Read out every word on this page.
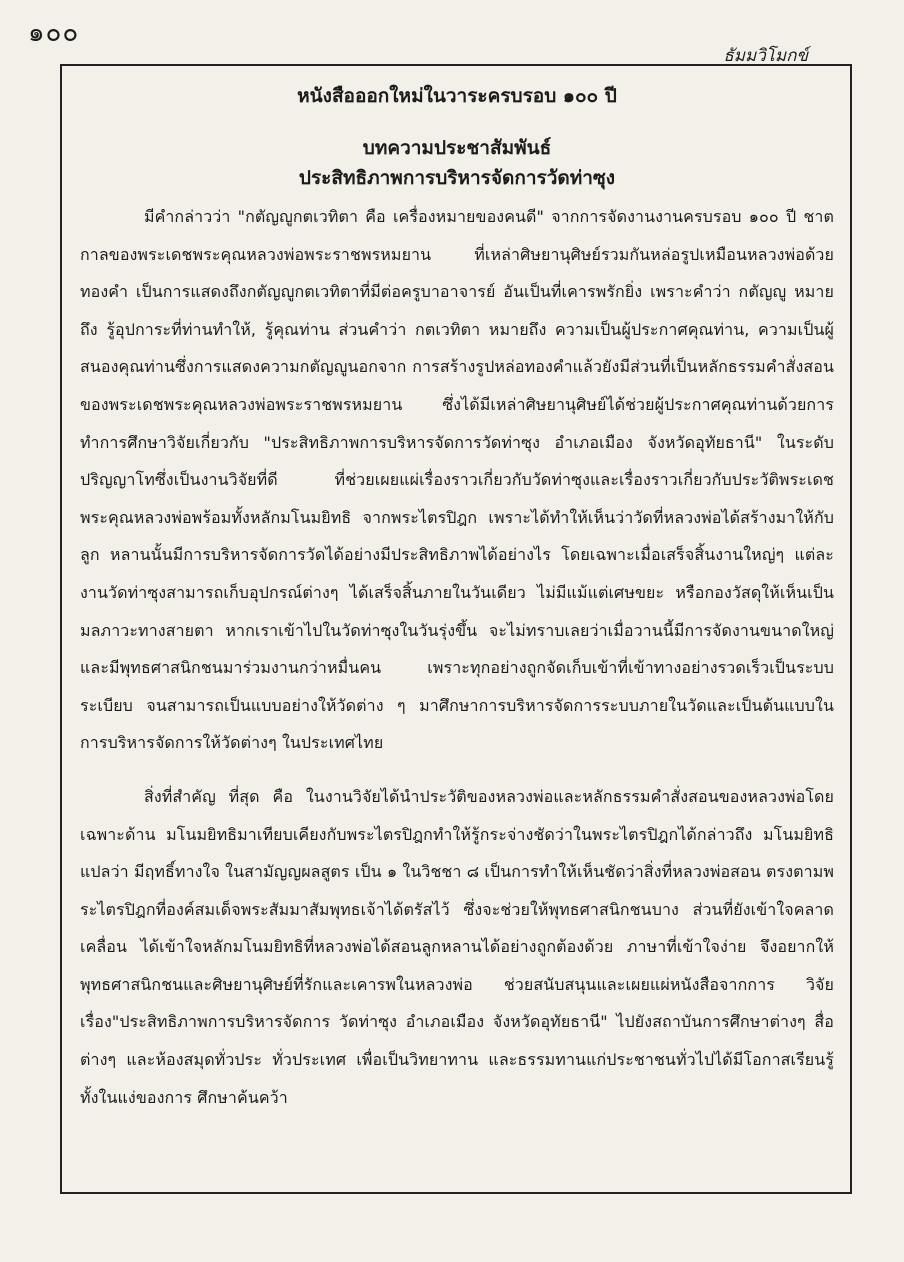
๑๐๐
ธัมมวิโมกข์
หนังสือออกใหม่ในวาระครบรอบ ๑๐๐ ปี
บทความประชาสัมพันธ์
ประสิทธิภาพการบริหารจัดการวัดท่าซุง

มีคำกล่าวว่า "กตัญญูกตเวทิตา คือ เครื่องหมายของคนดี" จากการจัดงานงานครบรอบ ๑๐๐ ปี ชาตกาลของพระเดชพระคุณหลวงพ่อพระราชพรหมยาน ที่เหล่าศิษยานุศิษย์รวมกันหล่อรูปเหมือนหลวงพ่อด้วยทองคำ เป็นการแสดงถึงกตัญญูกตเวทิตาที่มีต่อครูบาอาจารย์ อันเป็นที่เคารพรักยิ่ง เพราะคำว่า กตัญญู หมายถึง รู้อุปการะที่ท่านทำให้, รู้คุณท่าน ส่วนคำว่า กตเวทิตา หมายถึง ความเป็นผู้ประกาศคุณท่าน, ความเป็นผู้สนองคุณท่านซึ่งการแสดงความกตัญญูนอกจาก การสร้างรูปหล่อทองคำแล้วยังมีส่วนที่เป็นหลักธรรมคำสั่งสอนของพระเดชพระคุณหลวงพ่อพระราชพรหมยาน ซึ่งได้มีเหล่าศิษยานุศิษย์ได้ช่วยผู้ประกาศคุณท่านด้วยการทำการศึกษาวิจัยเกี่ยวกับ "ประสิทธิภาพการบริหารจัดการวัดท่าซุง อำเภอเมือง จังหวัดอุทัยธานี" ในระดับปริญญาโทซึ่งเป็นงานวิจัยที่ดี ที่ช่วยเผยแผ่เรื่องราวเกี่ยวกับวัดท่าซุงและเรื่องราวเกี่ยวกับประวัติพระเดชพระคุณหลวงพ่อพร้อมทั้งหลักมโนมยิทธิ จากพระไตรปิฎก เพราะได้ทำให้เห็นว่าวัดที่หลวงพ่อได้สร้างมาให้กับลูก หลานนั้นมีการบริหารจัดการวัดได้อย่างมีประสิทธิภาพได้อย่างไร โดยเฉพาะเมื่อเสร็จสิ้นงานใหญ่ๆ แต่ละงานวัดท่าซุงสามารถเก็บอุปกรณ์ต่างๆ ได้เสร็จสิ้นภายในวันเดียว ไม่มีแม้แต่เศษขยะ หรือกองวัสดุให้เห็นเป็นมลภาวะทางสายตา หากเราเข้าไปในวัดท่าซุงในวันรุ่งขึ้น จะไม่ทราบเลยว่าเมื่อวานนี้มีการจัดงานขนาดใหญ่และมีพุทธศาสนิกชนมาร่วมงานกว่าหมื่นคน เพราะทุกอย่างถูกจัดเก็บเข้าที่เข้าทางอย่างรวดเร็วเป็นระบบระเบียบ จนสามารถเป็นแบบอย่างให้วัดต่าง ๆ มาศึกษาการบริหารจัดการระบบภายในวัดและเป็นต้นแบบในการบริหารจัดการให้วัดต่างๆ ในประเทศไทย

สิ่งที่สำคัญ ที่สุด คือ ในงานวิจัยได้นำประวัติของหลวงพ่อและหลักธรรมคำสั่งสอนของหลวงพ่อโดยเฉพาะด้าน มโนมยิทธิมาเทียบเคียงกับพระไตรปิฎกทำให้รู้กระจ่างชัดว่าในพระไตรปิฎกได้กล่าวถึง มโนมยิทธิ แปลว่า มีฤทธิ์ทางใจ ในสามัญญผลสูตร เป็น ๑ ในวิชชา ๘ เป็นการทำให้เห็นชัดว่าสิ่งที่หลวงพ่อสอน ตรงตามพระไตรปิฎกที่องค์สมเด็จพระสัมมาสัมพุทธเจ้าได้ตรัสไว้ ซึ่งจะช่วยให้พุทธศาสนิกชนบาง ส่วนที่ยังเข้าใจคลาดเคลื่อน ได้เข้าใจหลักมโนมยิทธิที่หลวงพ่อได้สอนลูกหลานได้อย่างถูกต้องด้วย ภาษาที่เข้าใจง่าย จึงอยากให้พุทธศาสนิกชนและศิษยานุศิษย์ที่รักและเคารพในหลวงพ่อ ช่วยสนับสนุนและเผยแผ่หนังสือจากการ วิจัยเรื่อง"ประสิทธิภาพการบริหารจัดการ วัดท่าซุง อำเภอเมือง จังหวัดอุทัยธานี" ไปยังสถาบันการศึกษาต่างๆ สื่อต่างๆ และห้องสมุดทั่วประ ทั่วประเทศ เพื่อเป็นวิทยาทาน และธรรมทานแก่ประชาชนทั่วไปได้มีโอกาสเรียนรู้ ทั้งในแง่ของการ ศึกษาค้นคว้า
